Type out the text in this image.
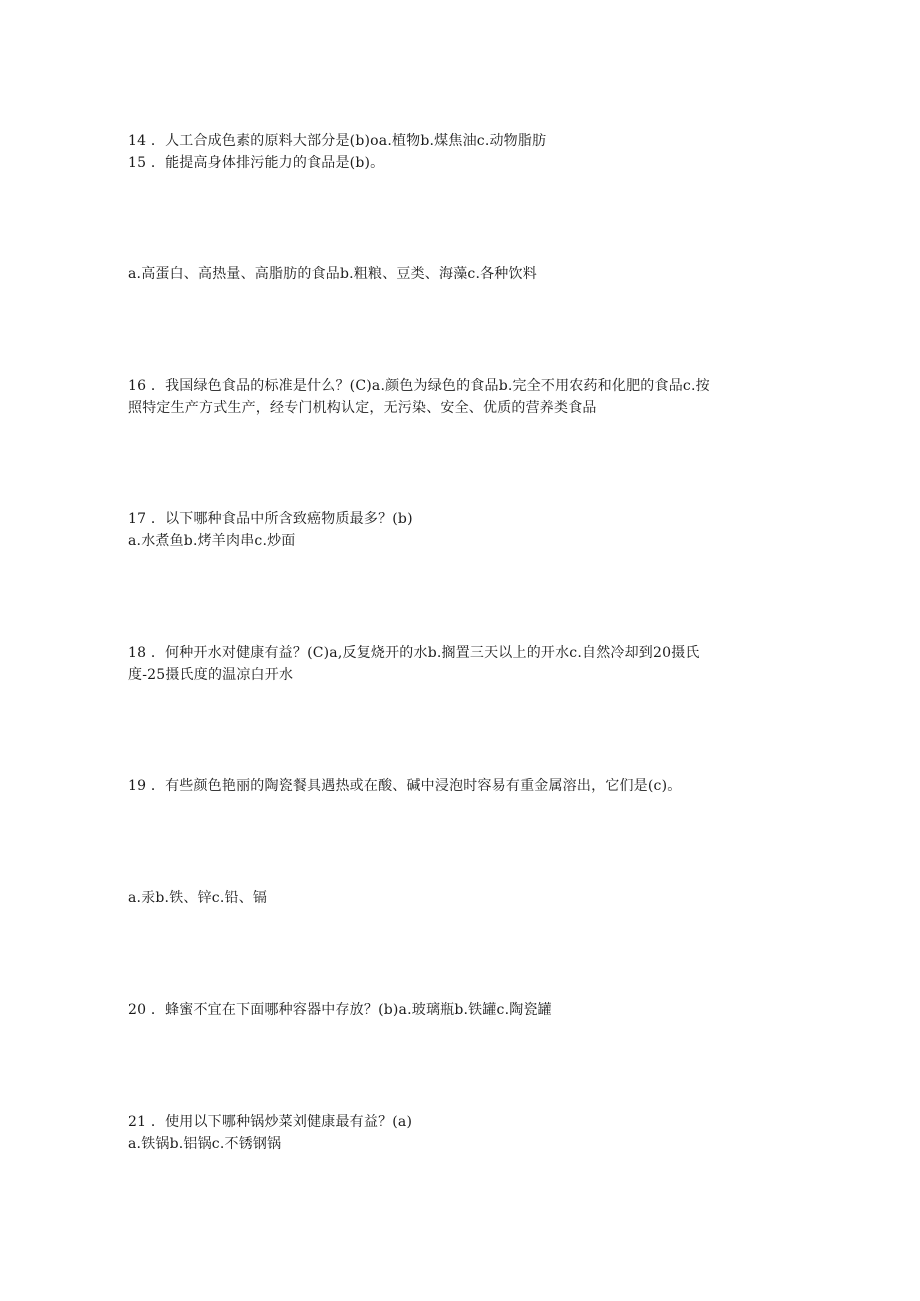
14 ．人工合成色素的原料大部分是(b)oa.植物b.煤焦油c.动物脂肪
15 ．能提高身体排污能力的食品是(b)。
a.高蛋白、高热量、高脂肪的食品b.粗粮、豆类、海藻c.各种饮料
16 ．我国绿色食品的标准是什么？(C)a.颜色为绿色的食品b.完全不用农药和化肥的食品c.按
照特定生产方式生产，经专门机构认定，无污染、安全、优质的营养类食品
17 ．以下哪种食品中所含致癌物质最多？(b)
a.水煮鱼b.烤羊肉串c.炒面
18 ．何种开水对健康有益？(C)a,反复烧开的水b.搁置三天以上的开水c.自然冷却到20摄氏
度-25摄氏度的温凉白开水
19 ．有些颜色艳丽的陶瓷餐具遇热或在酸、碱中浸泡时容易有重金属溶出，它们是(c)。
a.汞b.铁、锌c.铅、镉
20 ．蜂蜜不宜在下面哪种容器中存放？(b)a.玻璃瓶b.铁罐c.陶瓷罐
21 ．使用以下哪种锅炒菜刘健康最有益？(a)
a.铁锅b.铝锅c.不锈钢锅
